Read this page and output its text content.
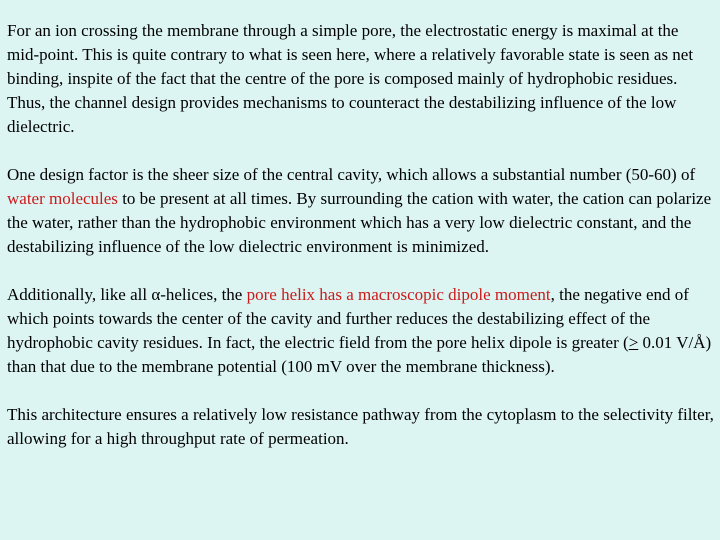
For an ion crossing the membrane through a simple pore, the electrostatic energy is maximal at the mid-point. This is quite contrary to what is seen here, where a relatively favorable state is seen as net binding, inspite of the fact that the centre of the pore is composed mainly of hydrophobic residues. Thus, the channel design provides mechanisms to counteract the destabilizing influence of the low dielectric.

One design factor is the sheer size of the central cavity, which allows a substantial number (50-60) of water molecules to be present at all times. By surrounding the cation with water, the cation can polarize the water, rather than the hydrophobic environment which has a very low dielectric constant, and the destabilizing influence of the low dielectric environment is minimized.

Additionally, like all α-helices, the pore helix has a macroscopic dipole moment, the negative end of which points towards the center of the cavity and further reduces the destabilizing effect of the hydrophobic cavity residues. In fact, the electric field from the pore helix dipole is greater (> 0.01 V/Å) than that due to the membrane potential (100 mV over the membrane thickness).

This architecture ensures a relatively low resistance pathway from the cytoplasm to the selectivity filter, allowing for a high throughput rate of permeation.
